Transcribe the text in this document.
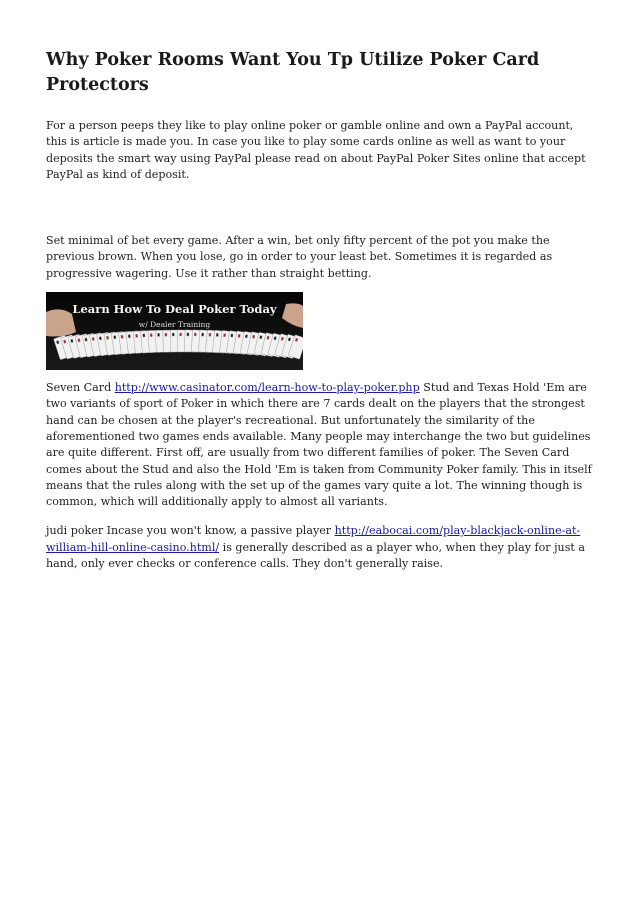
Why Poker Rooms Want You Tp Utilize Poker Card Protectors

For a person peeps they like to play online poker or gamble online and own a PayPal account, this is article is made you. In case you like to play some cards online as well as want to your deposits the smart way using PayPal please read on about PayPal Poker Sites online that accept PayPal as kind of deposit.

Set minimal of bet every game. After a win, bet only fifty percent of the pot you make the previous brown. When you lose, go in order to your least bet. Sometimes it is regarded as progressive wagering. Use it rather than straight betting.

Learn How To Deal Poker Today
w/ Dealer Training

Seven Card http://www.casinator.com/learn-how-to-play-poker.php Stud and Texas Hold 'Em are two variants of sport of Poker in which there are 7 cards dealt on the players that the strongest hand can be chosen at the player's recreational. But unfortunately the similarity of the aforementioned two games ends available. Many people may interchange the two but guidelines are quite different. First off, are usually from two different families of poker. The Seven Card comes about the Stud and also the Hold 'Em is taken from Community Poker family. This in itself means that the rules along with the set up of the games vary quite a lot. The winning though is common, which will additionally apply to almost all variants.

judi poker Incase you won't know, a passive player http://eabocai.com/play-blackjack-online-at-william-hill-online-casino.html/ is generally described as a player who, when they play for just a hand, only ever checks or conference calls. They don't generally raise.
